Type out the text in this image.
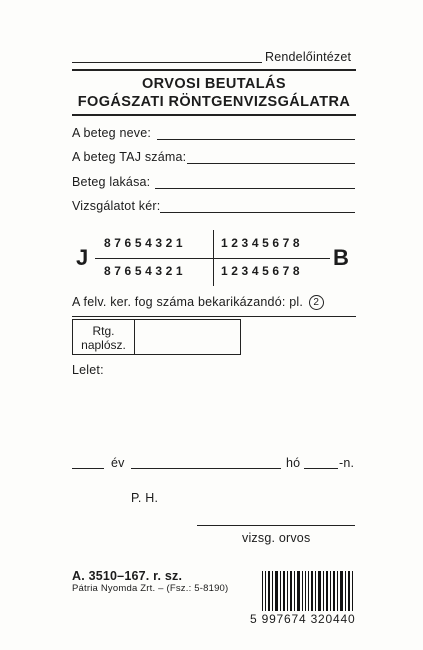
Rendelőintézet
ORVOSI BEUTALÁS
FOGÁSZATI RÖNTGENVIZSGÁLATRA
A beteg neve:
A beteg TAJ száma:
Beteg lakása:
Vizsgálatot kér:
J	B
87654321	12345678
87654321	12345678
A felv. ker. fog száma bekarikázandó: pl. 2
Rtg.
naplósz.
Lelet:
év	hó	-n.
P. H.
vizsg. orvos
A. 3510–167. r. sz.
Pátria Nyomda Zrt. – (Fsz.: 5-8190)
5 997674 320440
